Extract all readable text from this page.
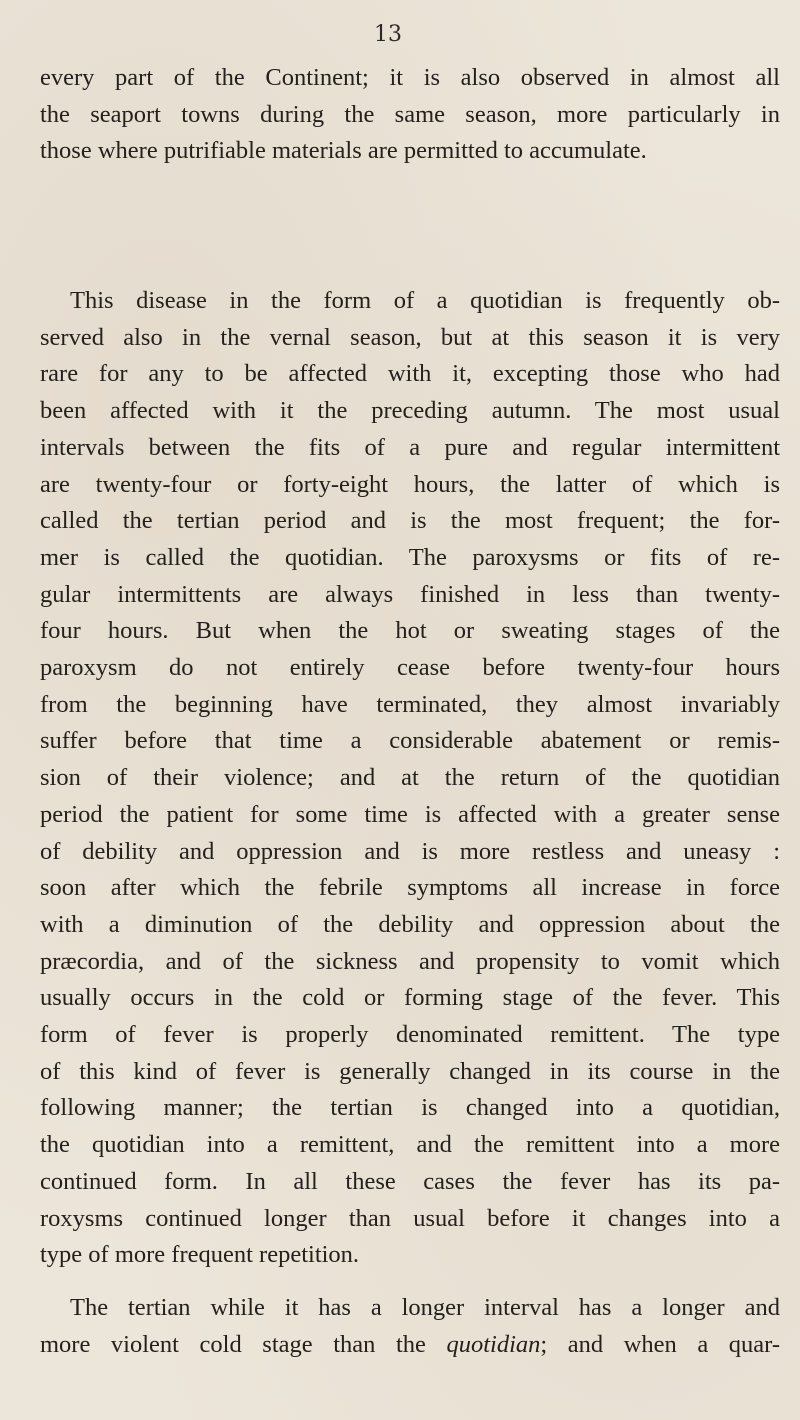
13

every part of the Continent; it is also observed in almost all
the seaport towns during the same season, more particularly in
those where putrifiable materials are permitted to accumulate.

This disease in the form of a quotidian is frequently ob-
served also in the vernal season, but at this season it is very
rare for any to be affected with it, excepting those who had
been affected with it the preceding autumn. The most usual
intervals between the fits of a pure and regular intermittent
are twenty-four or forty-eight hours, the latter of which is
called the tertian period and is the most frequent; the for-
mer is called the quotidian. The paroxysms or fits of re-
gular intermittents are always finished in less than twenty-
four hours. But when the hot or sweating stages of the
paroxysm do not entirely cease before twenty-four hours
from the beginning have terminated, they almost invariably
suffer before that time a considerable abatement or remis-
sion of their violence; and at the return of the quotidian
period the patient for some time is affected with a greater sense
of debility and oppression and is more restless and uneasy :
soon after which the febrile symptoms all increase in force
with a diminution of the debility and oppression about the
præcordia, and of the sickness and propensity to vomit which
usually occurs in the cold or forming stage of the fever. This
form of fever is properly denominated remittent. The type
of this kind of fever is generally changed in its course in the
following manner; the tertian is changed into a quotidian,
the quotidian into a remittent, and the remittent into a more
continued form. In all these cases the fever has its pa-
roxysms continued longer than usual before it changes into a
type of more frequent repetition.

The tertian while it has a longer interval has a longer and
more violent cold stage than the quotidian; and when a quar-
